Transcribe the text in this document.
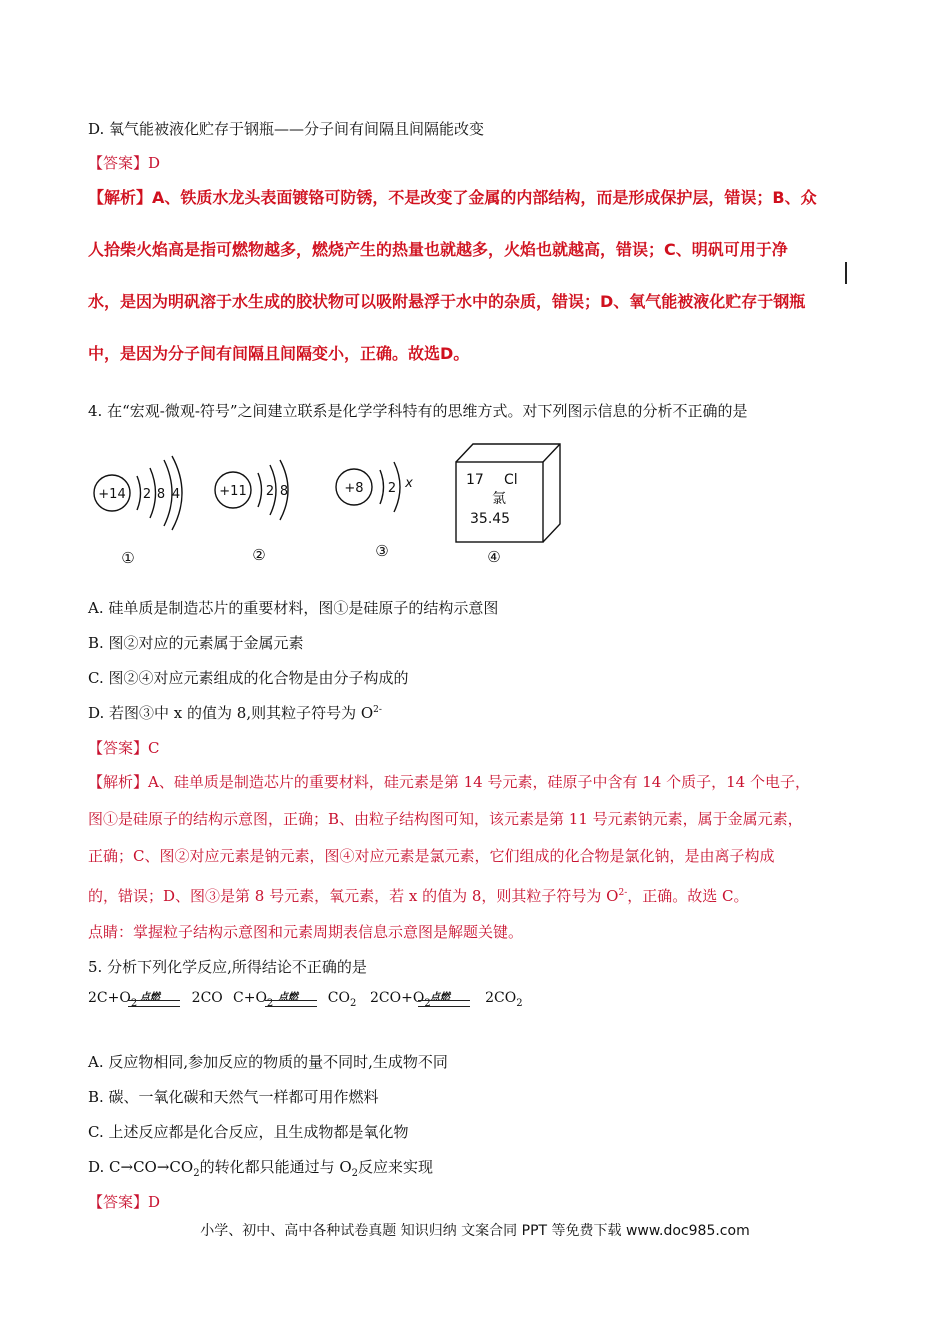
D. 氧气能被液化贮存于钢瓶——分子间有间隔且间隔能改变
【答案】D
【解析】A、铁质水龙头表面镀铬可防锈，不是改变了金属的内部结构，而是形成保护层，错误；B、众
人拾柴火焰高是指可燃物越多，燃烧产生的热量也就越多，火焰也就越高，错误；C、明矾可用于净
水，是因为明矾溶于水生成的胶状物可以吸附悬浮于水中的杂质，错误；D、氧气能被液化贮存于钢瓶
中，是因为分子间有间隔且间隔变小，正确。故选D。
4. 在“宏观-微观-符号”之间建立联系是化学学科特有的思维方式。对下列图示信息的分析不正确的是
+14 2 8 4
①
+11 2 8
②
+8 2 x
③
17 Cl
氯
35.45
④
A. 硅单质是制造芯片的重要材料，图①是硅原子的结构示意图
B. 图②对应的元素属于金属元素
C. 图②④对应元素组成的化合物是由分子构成的
D. 若图③中 x 的值为 8,则其粒子符号为 $O^{2-}$
【答案】C
【解析】A、硅单质是制造芯片的重要材料，硅元素是第 14 号元素，硅原子中含有 14 个质子，14 个电子，
图①是硅原子的结构示意图，正确；B、由粒子结构图可知，该元素是第 11 号元素钠元素，属于金属元素，
正确；C、图②对应元素是钠元素，图④对应元素是氯元素，它们组成的化合物是氯化钠，是由离子构成
的，错误；D、图③是第 8 号元素，氧元素，若 x 的值为 8，则其粒子符号为 $O^{2-}$，正确。故选 C。
点睛：掌握粒子结构示意图和元素周期表信息示意图是解题关键。
5. 分析下列化学反应,所得结论不正确的是
$2C+O_2$
点燃 2CO $C+O_2$
点燃 $CO_2$ $2CO+O_2$
点燃	$2CO_2$
A. 反应物相同,参加反应的物质的量不同时,生成物不同
B. 碳、一氧化碳和天然气一样都可用作燃料
C. 上述反应都是化合反应，且生成物都是氧化物
D. $C\to CO\to CO_2$的转化都只能通过与 $O_2$反应来实现
【答案】D
小学、初中、高中各种试卷真题 知识归纳 文案合同 PPT 等免费下载 www.doc985.com
